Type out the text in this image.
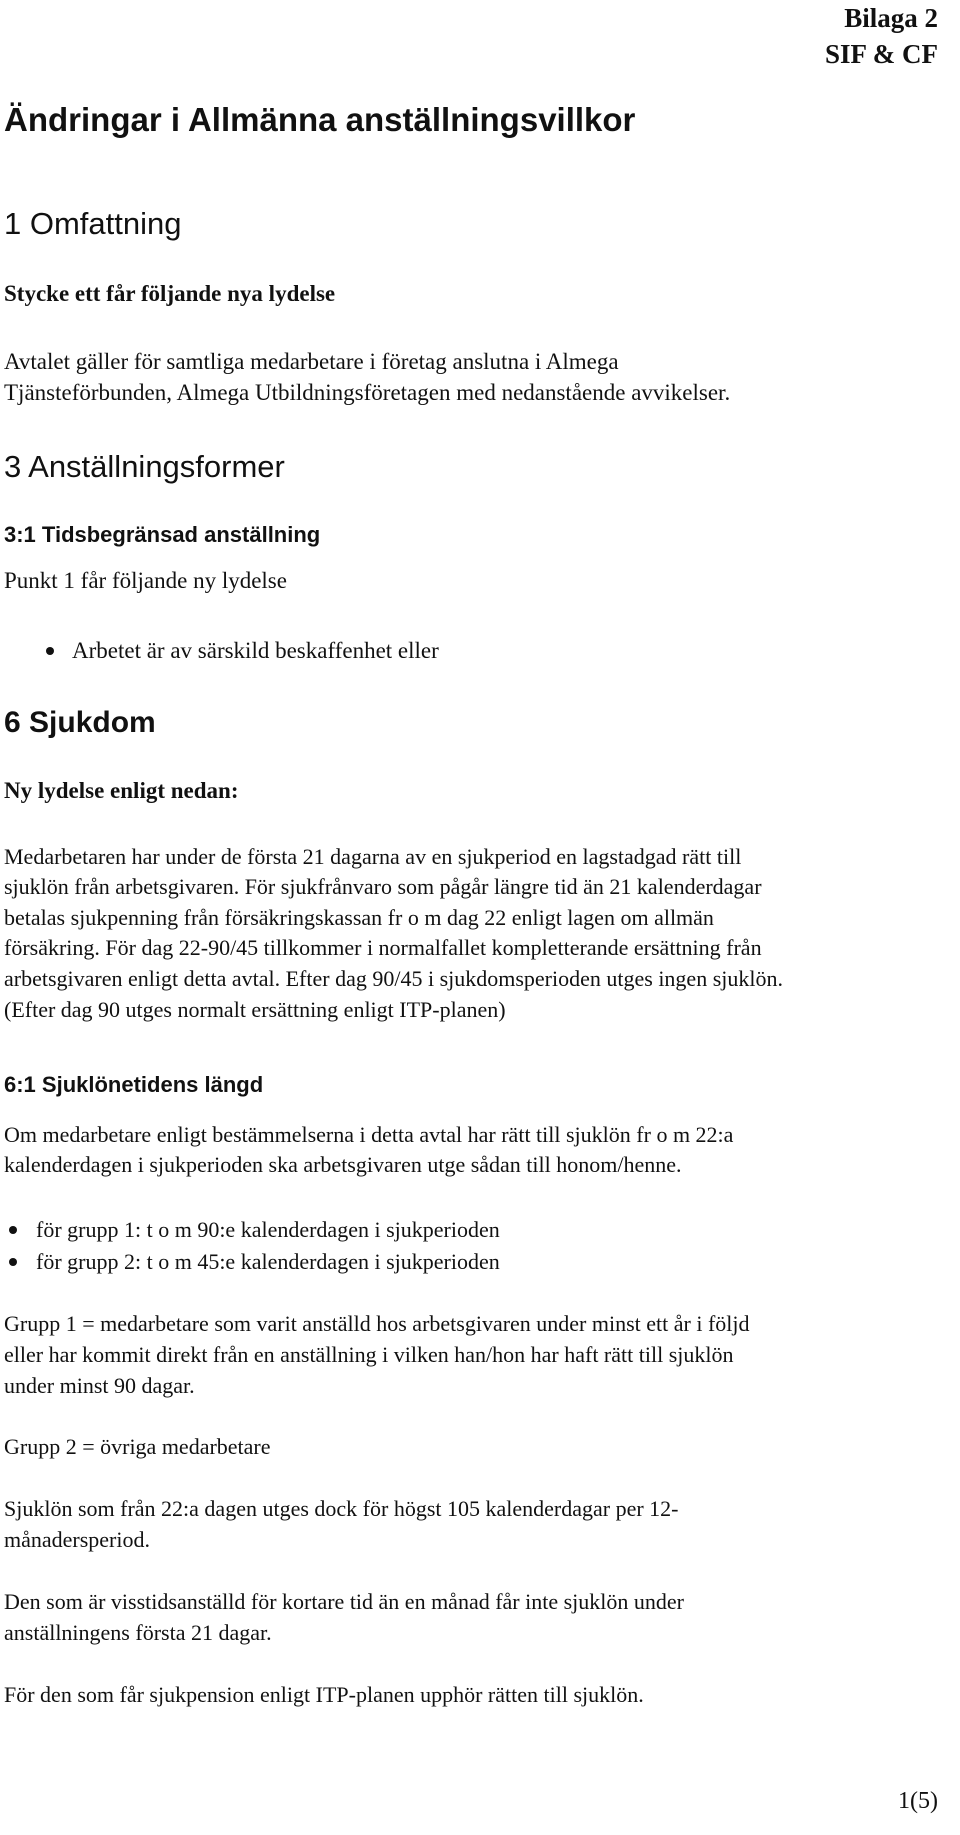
Bilaga 2
SIF & CF
Ändringar i Allmänna anställningsvillkor
1 Omfattning
Stycke ett får följande nya lydelse
Avtalet gäller för samtliga medarbetare i företag anslutna i Almega
Tjänsteförbunden, Almega Utbildningsföretagen med nedanstående avvikelser.
3 Anställningsformer
3:1 Tidsbegränsad anställning
Punkt 1 får följande ny lydelse
Arbetet är av särskild beskaffenhet eller
6 Sjukdom
Ny lydelse enligt nedan:
Medarbetaren har under de första 21 dagarna av en sjukperiod en lagstadgad rätt till
sjuklön från arbetsgivaren. För sjukfrånvaro som pågår längre tid än 21 kalenderdagar
betalas sjukpenning från försäkringskassan fr o m dag 22 enligt lagen om allmän
försäkring. För dag 22-90/45 tillkommer i normalfallet kompletterande ersättning från
arbetsgivaren enligt detta avtal. Efter dag 90/45 i sjukdomsperioden utges ingen sjuklön.
(Efter dag 90 utges normalt ersättning enligt ITP-planen)
6:1 Sjuklönetidens längd
Om medarbetare enligt bestämmelserna i detta avtal har rätt till sjuklön fr o m 22:a
kalenderdagen i sjukperioden ska arbetsgivaren utge sådan till honom/henne.
för grupp 1: t o m 90:e kalenderdagen i sjukperioden
för grupp 2: t o m 45:e kalenderdagen i sjukperioden
Grupp 1 = medarbetare som varit anställd hos arbetsgivaren under minst ett år i följd
eller har kommit direkt från en anställning i vilken han/hon har haft rätt till sjuklön
under minst 90 dagar.
Grupp 2 = övriga medarbetare
Sjuklön som från 22:a dagen utges dock för högst 105 kalenderdagar per 12-
månadersperiod.
Den som är visstidsanställd för kortare tid än en månad får inte sjuklön under
anställningens första 21 dagar.
För den som får sjukpension enligt ITP-planen upphör rätten till sjuklön.
1(5)
